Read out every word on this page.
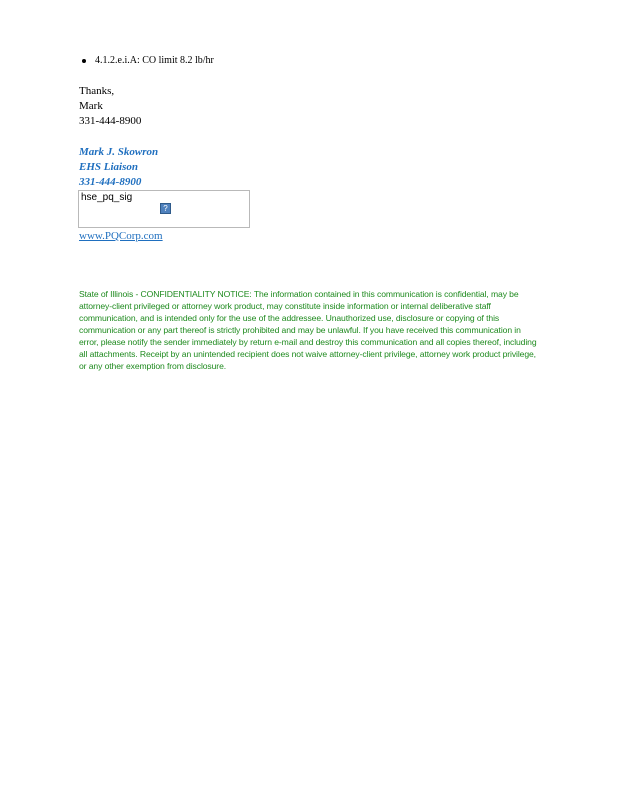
4.1.2.e.i.A: CO limit 8.2 lb/hr
Thanks,
Mark
331-444-8900
Mark J. Skowron
EHS Liaison
331-444-8900
hse_pq_sig
?
www.PQCorp.com
State of Illinois - CONFIDENTIALITY NOTICE: The information contained in this communication is confidential, may be attorney-client privileged or attorney work product, may constitute inside information or internal deliberative staff communication, and is intended only for the use of the addressee. Unauthorized use, disclosure or copying of this communication or any part thereof is strictly prohibited and may be unlawful. If you have received this communication in error, please notify the sender immediately by return e-mail and destroy this communication and all copies thereof, including all attachments. Receipt by an unintended recipient does not waive attorney-client privilege, attorney work product privilege, or any other exemption from disclosure.
